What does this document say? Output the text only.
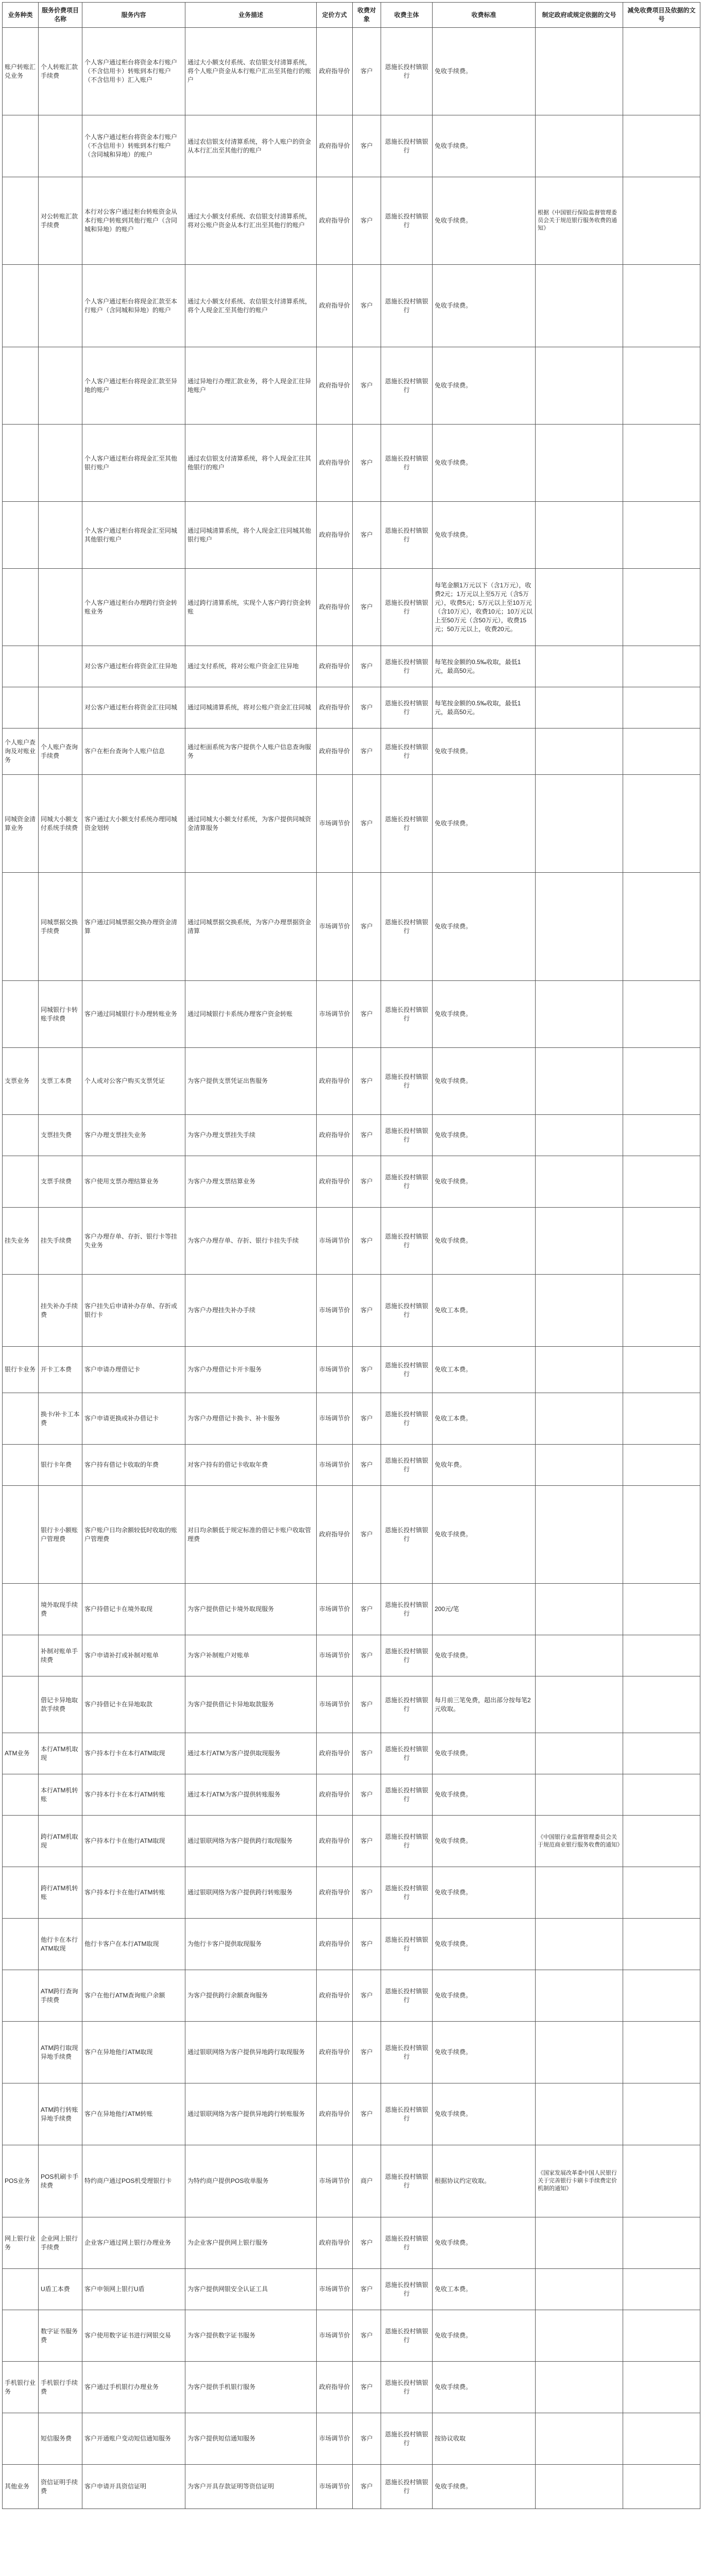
业务种类	服务价费项目名称	服务内容	业务描述	定价方式	收费对象	收费主体	收费标准	制定政府或规定依据的文号	减免收费项目及依据的文号
账户转账汇兑业务	个人转账汇款手续费	个人客户通过柜台将资金本行账户（不含信用卡）转账到本行账户（不含信用卡）汇入账户	通过大小额支付系统、农信银支付清算系统，将个人账户资金从本行账户汇出至其他行的账户	政府指导价	客户	恩施长投村镇银行	免收手续费。		
		个人客户通过柜台将资金本行账户（不含信用卡）转账到本行账户（含同城和异地）的账户	通过农信银支付清算系统，将个人账户的资金从本行汇出至其他行的账户	政府指导价	客户	恩施长投村镇银行	免收手续费。		
	对公转账汇款手续费	本行对公客户通过柜台转账资金从本行账户转账到其他行账户（含同城和异地）的账户	通过大小额支付系统、农信银支付清算系统，将对公账户资金从本行汇出至其他行的账户	政府指导价	客户	恩施长投村镇银行	免收手续费。	根据《中国银行保险监督管理委员会关于规范银行服务收费的通知》	
		个人客户通过柜台将现金汇款至本行账户（含同城和异地）的账户	通过大小额支付系统、农信银支付清算系统，将个人现金汇至其他行的账户	政府指导价	客户	恩施长投村镇银行	免收手续费。		
		个人客户通过柜台将现金汇款至异地的账户	通过异地行办理汇款业务，将个人现金汇往异地账户	政府指导价	客户	恩施长投村镇银行	免收手续费。		
		个人客户通过柜台将现金汇至其他银行账户	通过农信银支付清算系统，将个人现金汇往其他银行的账户	政府指导价	客户	恩施长投村镇银行	免收手续费。		
		个人客户通过柜台将现金汇至同城其他银行账户	通过同城清算系统，将个人现金汇往同城其他银行账户	政府指导价	客户	恩施长投村镇银行	免收手续费。		
		个人客户通过柜台办理跨行资金转账业务	通过跨行清算系统，实现个人客户跨行资金转账	政府指导价	客户	恩施长投村镇银行	每笔金额1万元以下（含1万元），收费2元；1万元以上至5万元（含5万元），收费5元；5万元以上至10万元（含10万元），收费10元；10万元以上至50万元（含50万元），收费15元；50万元以上，收费20元。		
		对公客户通过柜台将资金汇往异地	通过支付系统，将对公账户资金汇往异地	政府指导价	客户	恩施长投村镇银行	每笔按金额的0.5‰收取，最低1元，最高50元。		
		对公客户通过柜台将资金汇往同城	通过同城清算系统，将对公账户资金汇往同城	政府指导价	客户	恩施长投村镇银行	每笔按金额的0.5‰收取，最低1元，最高50元。		
个人账户查询及对账业务	个人账户查询手续费	客户在柜台查询个人账户信息	通过柜面系统为客户提供个人账户信息查询服务	政府指导价	客户	恩施长投村镇银行	免收手续费。		
同城资金清算业务	同城大小额支付系统手续费	客户通过大小额支付系统办理同城资金划转	通过同城大小额支付系统，为客户提供同城资金清算服务	市场调节价	客户	恩施长投村镇银行	免收手续费。		
	同城票据交换手续费	客户通过同城票据交换办理资金清算	通过同城票据交换系统，为客户办理票据资金清算	市场调节价	客户	恩施长投村镇银行	免收手续费。		
	同城银行卡转账手续费	客户通过同城银行卡办理转账业务	通过同城银行卡系统办理客户资金转账	市场调节价	客户	恩施长投村镇银行	免收手续费。		
支票业务	支票工本费	个人或对公客户购买支票凭证	为客户提供支票凭证出售服务	政府指导价	客户	恩施长投村镇银行	免收手续费。		
	支票挂失费	客户办理支票挂失业务	为客户办理支票挂失手续	政府指导价	客户	恩施长投村镇银行	免收手续费。		
	支票手续费	客户使用支票办理结算业务	为客户办理支票结算业务	政府指导价	客户	恩施长投村镇银行	免收手续费。		
挂失业务	挂失手续费	客户办理存单、存折、银行卡等挂失业务	为客户办理存单、存折、银行卡挂失手续	市场调节价	客户	恩施长投村镇银行	免收手续费。		
	挂失补办手续费	客户挂失后申请补办存单、存折或银行卡	为客户办理挂失补办手续	市场调节价	客户	恩施长投村镇银行	免收工本费。		
银行卡业务	开卡工本费	客户申请办理借记卡	为客户办理借记卡开卡服务	市场调节价	客户	恩施长投村镇银行	免收工本费。		
	换卡/补卡工本费	客户申请更换或补办借记卡	为客户办理借记卡换卡、补卡服务	市场调节价	客户	恩施长投村镇银行	免收工本费。		
	银行卡年费	客户持有借记卡收取的年费	对客户持有的借记卡收取年费	市场调节价	客户	恩施长投村镇银行	免收年费。		
	银行卡小额账户管理费	客户账户日均余额较低时收取的账户管理费	对日均余额低于规定标准的借记卡账户收取管理费	政府指导价	客户	恩施长投村镇银行	免收手续费。		
	境外取现手续费	客户持借记卡在境外取现	为客户提供借记卡境外取现服务	市场调节价	客户	恩施长投村镇银行	200元/笔		
	补制对账单手续费	客户申请补打或补制对账单	为客户补制账户对账单	市场调节价	客户	恩施长投村镇银行	免收手续费。		
	借记卡异地取款手续费	客户持借记卡在异地取款	为客户提供借记卡异地取款服务	市场调节价	客户	恩施长投村镇银行	每月前三笔免费，超出部分按每笔2元收取。		
ATM业务	本行ATM机取现	客户持本行卡在本行ATM取现	通过本行ATM为客户提供取现服务	政府指导价	客户	恩施长投村镇银行	免收手续费。		
	本行ATM机转账	客户持本行卡在本行ATM转账	通过本行ATM为客户提供转账服务	政府指导价	客户	恩施长投村镇银行	免收手续费。		
	跨行ATM机取现	客户持本行卡在他行ATM取现	通过银联网络为客户提供跨行取现服务	政府指导价	客户	恩施长投村镇银行	免收手续费。	《中国银行业监督管理委员会关于规范商业银行服务收费的通知》	
	跨行ATM机转账	客户持本行卡在他行ATM转账	通过银联网络为客户提供跨行转账服务	政府指导价	客户	恩施长投村镇银行	免收手续费。		
	他行卡在本行ATM取现	他行卡客户在本行ATM取现	为他行卡客户提供取现服务	政府指导价	客户	恩施长投村镇银行	免收手续费。		
	ATM跨行查询手续费	客户在他行ATM查询账户余额	为客户提供跨行余额查询服务	政府指导价	客户	恩施长投村镇银行	免收手续费。		
	ATM跨行取现异地手续费	客户在异地他行ATM取现	通过银联网络为客户提供异地跨行取现服务	政府指导价	客户	恩施长投村镇银行	免收手续费。		
	ATM跨行转账异地手续费	客户在异地他行ATM转账	通过银联网络为客户提供异地跨行转账服务	政府指导价	客户	恩施长投村镇银行	免收手续费。		
POS业务	POS机刷卡手续费	特约商户通过POS机受理银行卡	为特约商户提供POS收单服务	市场调节价	商户	恩施长投村镇银行	根据协议约定收取。	《国家发展改革委中国人民银行关于完善银行卡刷卡手续费定价机制的通知》	
网上银行业务	企业网上银行手续费	企业客户通过网上银行办理业务	为企业客户提供网上银行服务	政府指导价	客户	恩施长投村镇银行	免收手续费。		
	U盾工本费	客户申领网上银行U盾	为客户提供网银安全认证工具	市场调节价	客户	恩施长投村镇银行	免收工本费。		
	数字证书服务费	客户使用数字证书进行网银交易	为客户提供数字证书服务	市场调节价	客户	恩施长投村镇银行	免收手续费。		
手机银行业务	手机银行手续费	客户通过手机银行办理业务	为客户提供手机银行服务	政府指导价	客户	恩施长投村镇银行	免收手续费。		
	短信服务费	客户开通账户变动短信通知服务	为客户提供短信通知服务	市场调节价	客户	恩施长投村镇银行	按协议收取		
其他业务	资信证明手续费	客户申请开具资信证明	为客户开具存款证明等资信证明	市场调节价	客户	恩施长投村镇银行	免收手续费。		
